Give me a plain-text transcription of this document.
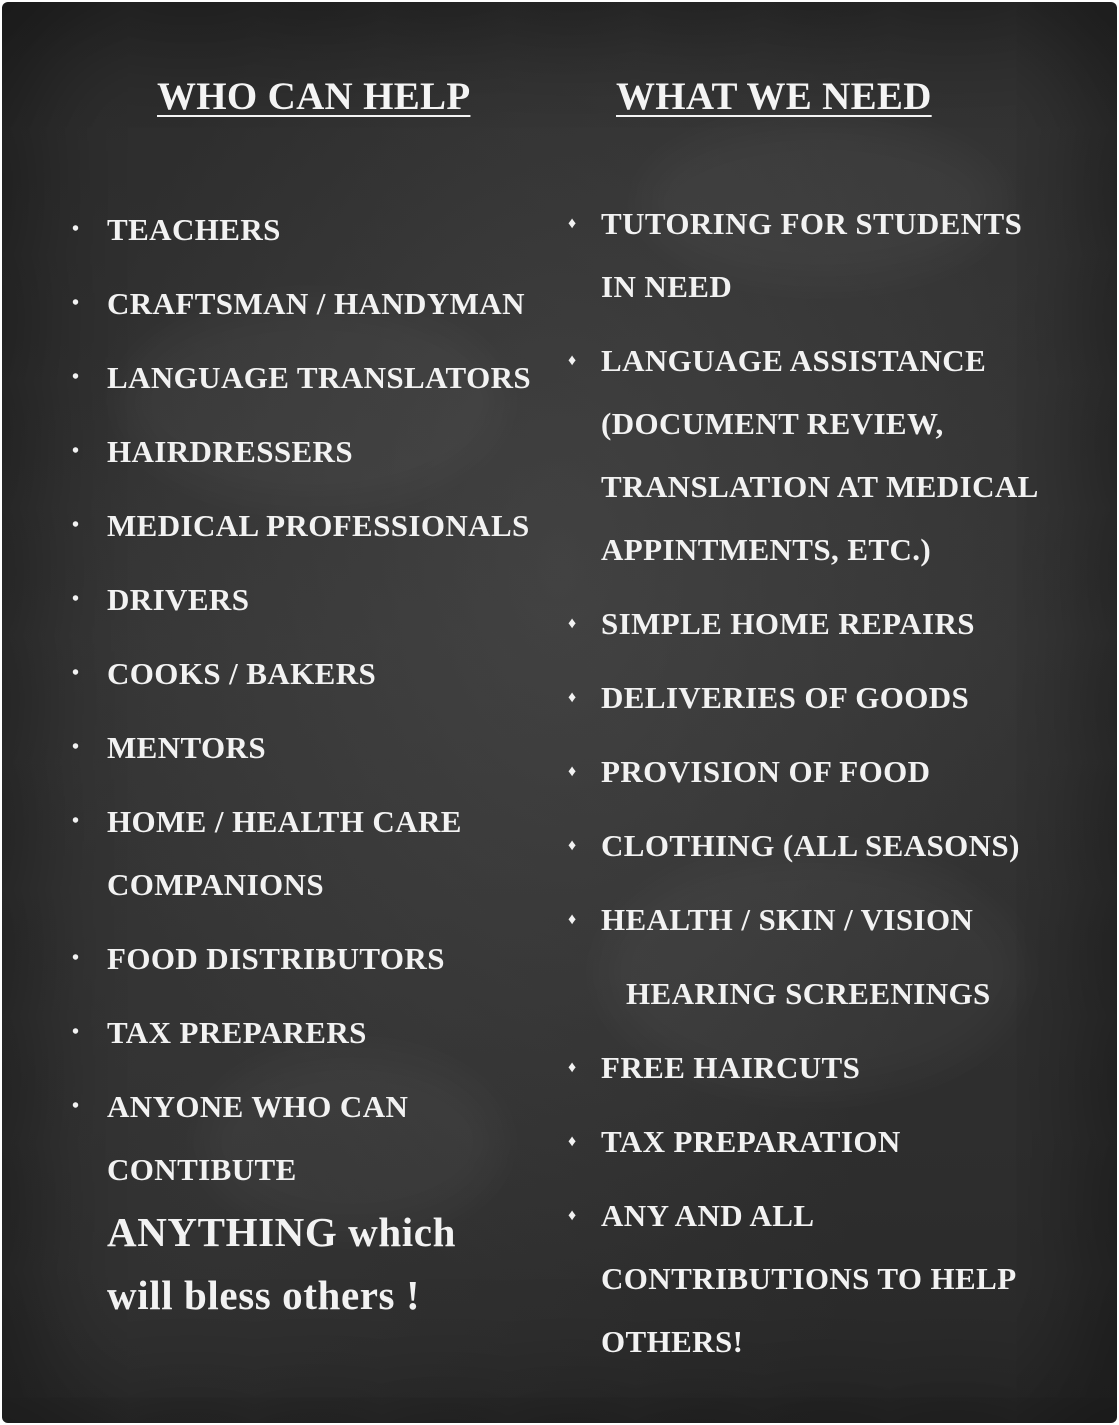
WHO CAN HELP	WHAT WE NEED
• TEACHERS
• CRAFTSMAN / HANDYMAN
• LANGUAGE TRANSLATORS
• HAIRDRESSERS
• MEDICAL PROFESSIONALS
• DRIVERS
• COOKS / BAKERS
• MENTORS
• HOME / HEALTH CARE
COMPANIONS
• FOOD DISTRIBUTORS
• TAX PREPARERS
• ANYONE WHO CAN
CONTIBUTE
ANYTHING which
will bless others !
♦ TUTORING FOR STUDENTS
IN NEED
♦ LANGUAGE ASSISTANCE
(DOCUMENT REVIEW,
TRANSLATION AT MEDICAL
APPINTMENTS, ETC.)
♦ SIMPLE HOME REPAIRS
♦ DELIVERIES OF GOODS
♦ PROVISION OF FOOD
♦ CLOTHING (ALL SEASONS)
♦ HEALTH / SKIN / VISION
HEARING SCREENINGS
♦ FREE HAIRCUTS
♦ TAX PREPARATION
♦ ANY AND ALL
CONTRIBUTIONS TO HELP
OTHERS!
